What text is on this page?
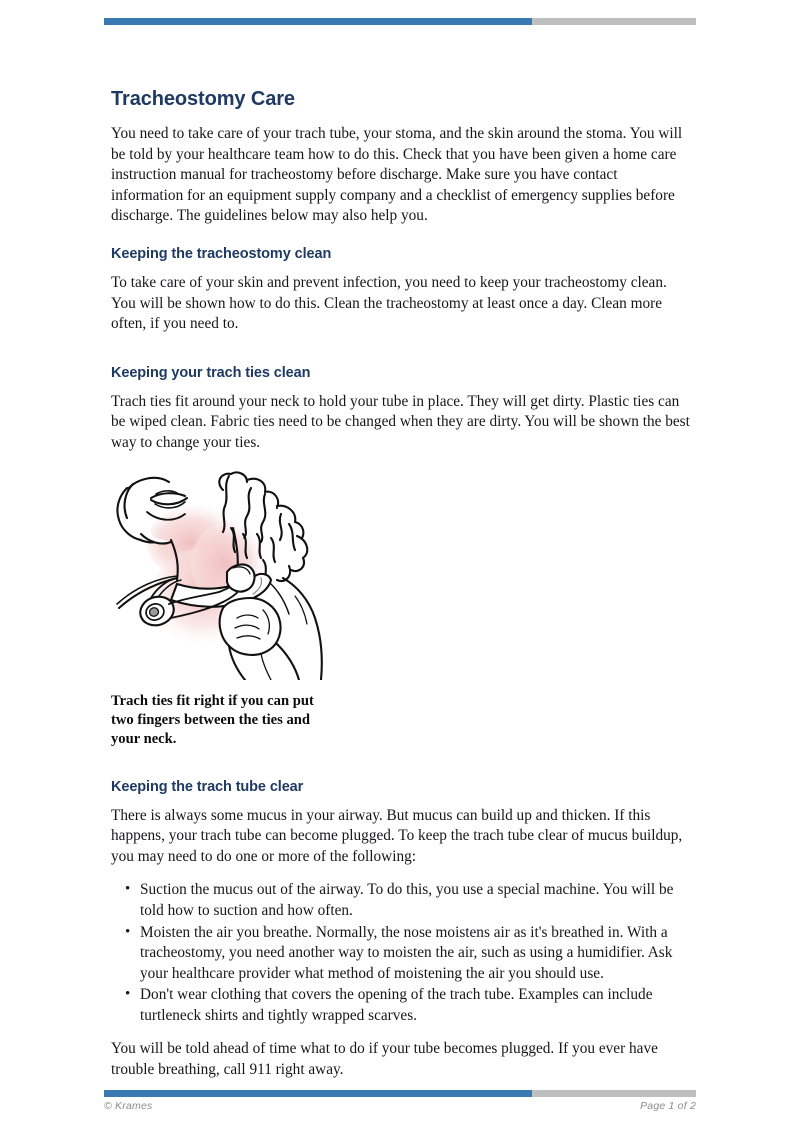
Tracheostomy Care

You need to take care of your trach tube, your stoma, and the skin around the stoma. You will be told by your healthcare team how to do this. Check that you have been given a home care instruction manual for tracheostomy before discharge. Make sure you have contact information for an equipment supply company and a checklist of emergency supplies before discharge. The guidelines below may also help you.

Keeping the tracheostomy clean

To take care of your skin and prevent infection, you need to keep your tracheostomy clean. You will be shown how to do this. Clean the tracheostomy at least once a day. Clean more often, if you need to.

Keeping your trach ties clean

Trach ties fit around your neck to hold your tube in place. They will get dirty. Plastic ties can be wiped clean. Fabric ties need to be changed when they are dirty. You will be shown the best way to change your ties.

Trach ties fit right if you can put two fingers between the ties and your neck.
Keeping the trach tube clear

There is always some mucus in your airway. But mucus can build up and thicken. If this happens, your trach tube can become plugged. To keep the trach tube clear of mucus buildup, you may need to do one or more of the following:

• Suction the mucus out of the airway. To do this, you use a special machine. You will be told how to suction and how often.
• Moisten the air you breathe. Normally, the nose moistens air as it's breathed in. With a tracheostomy, you need another way to moisten the air, such as using a humidifier. Ask your healthcare provider what method of moistening the air you should use.
• Don't wear clothing that covers the opening of the trach tube. Examples can include turtleneck shirts and tightly wrapped scarves.

You will be told ahead of time what to do if your tube becomes plugged. If you ever have trouble breathing, call 911 right away.

© Krames	Page 1 of 2
